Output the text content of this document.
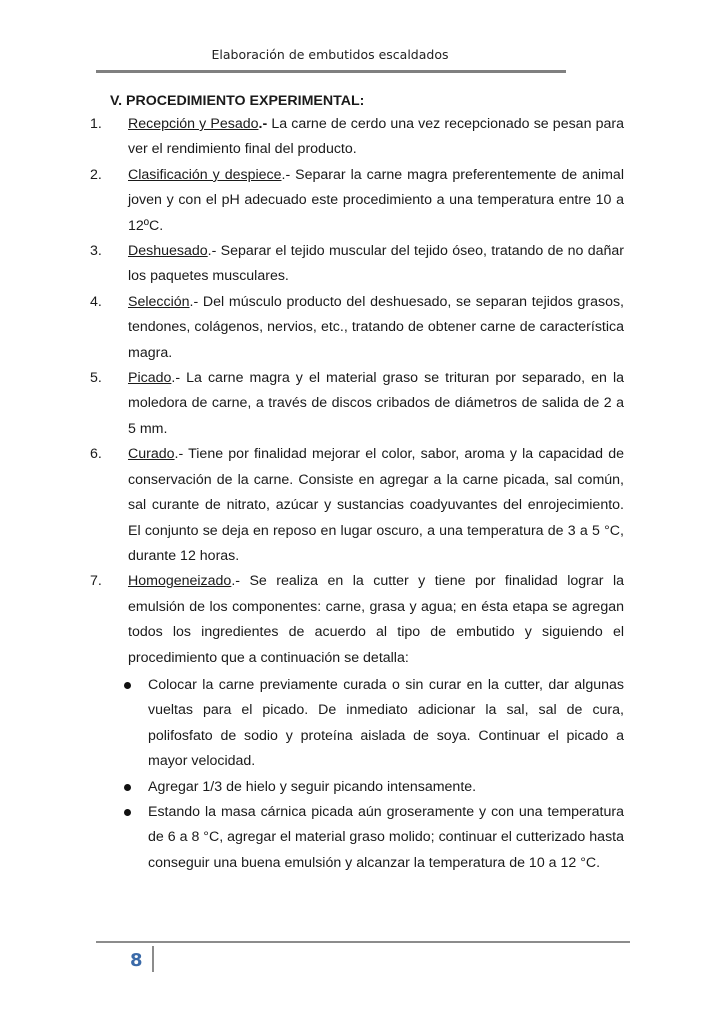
Elaboración de embutidos escaldados
V. PROCEDIMIENTO EXPERIMENTAL:
1. Recepción y Pesado.- La carne de cerdo una vez recepcionado se pesan para ver el rendimiento final del producto.
2. Clasificación y despiece.- Separar la carne magra preferentemente de animal joven y con el pH adecuado este procedimiento a una temperatura entre 10 a 12ºC.
3. Deshuesado.- Separar el tejido muscular del tejido óseo, tratando de no dañar los paquetes musculares.
4. Selección.- Del músculo producto del deshuesado, se separan tejidos grasos, tendones, colágenos, nervios, etc., tratando de obtener carne de característica magra.
5. Picado.- La carne magra y el material graso se trituran por separado, en la moledora de carne, a través de discos cribados de diámetros de salida de 2 a 5 mm.
6. Curado.- Tiene por finalidad mejorar el color, sabor, aroma y la capacidad de conservación de la carne. Consiste en agregar a la carne picada, sal común, sal curante de nitrato, azúcar y sustancias coadyuvantes del enrojecimiento. El conjunto se deja en reposo en lugar oscuro, a una temperatura de 3 a 5 °C, durante 12 horas.
7. Homogeneizado.- Se realiza en la cutter y tiene por finalidad lograr la emulsión de los componentes: carne, grasa y agua; en ésta etapa se agregan todos los ingredientes de acuerdo al tipo de embutido y siguiendo el procedimiento que a continuación se detalla:
Colocar la carne previamente curada o sin curar en la cutter, dar algunas vueltas para el picado. De inmediato adicionar la sal, sal de cura, polifosfato de sodio y proteína aislada de soya. Continuar el picado a mayor velocidad.
Agregar 1/3 de hielo y seguir picando intensamente.
Estando la masa cárnica picada aún groseramente y con una temperatura de 6 a 8 °C, agregar el material graso molido; continuar el cutterizado hasta conseguir una buena emulsión y alcanzar la temperatura de 10 a 12 °C.
8
